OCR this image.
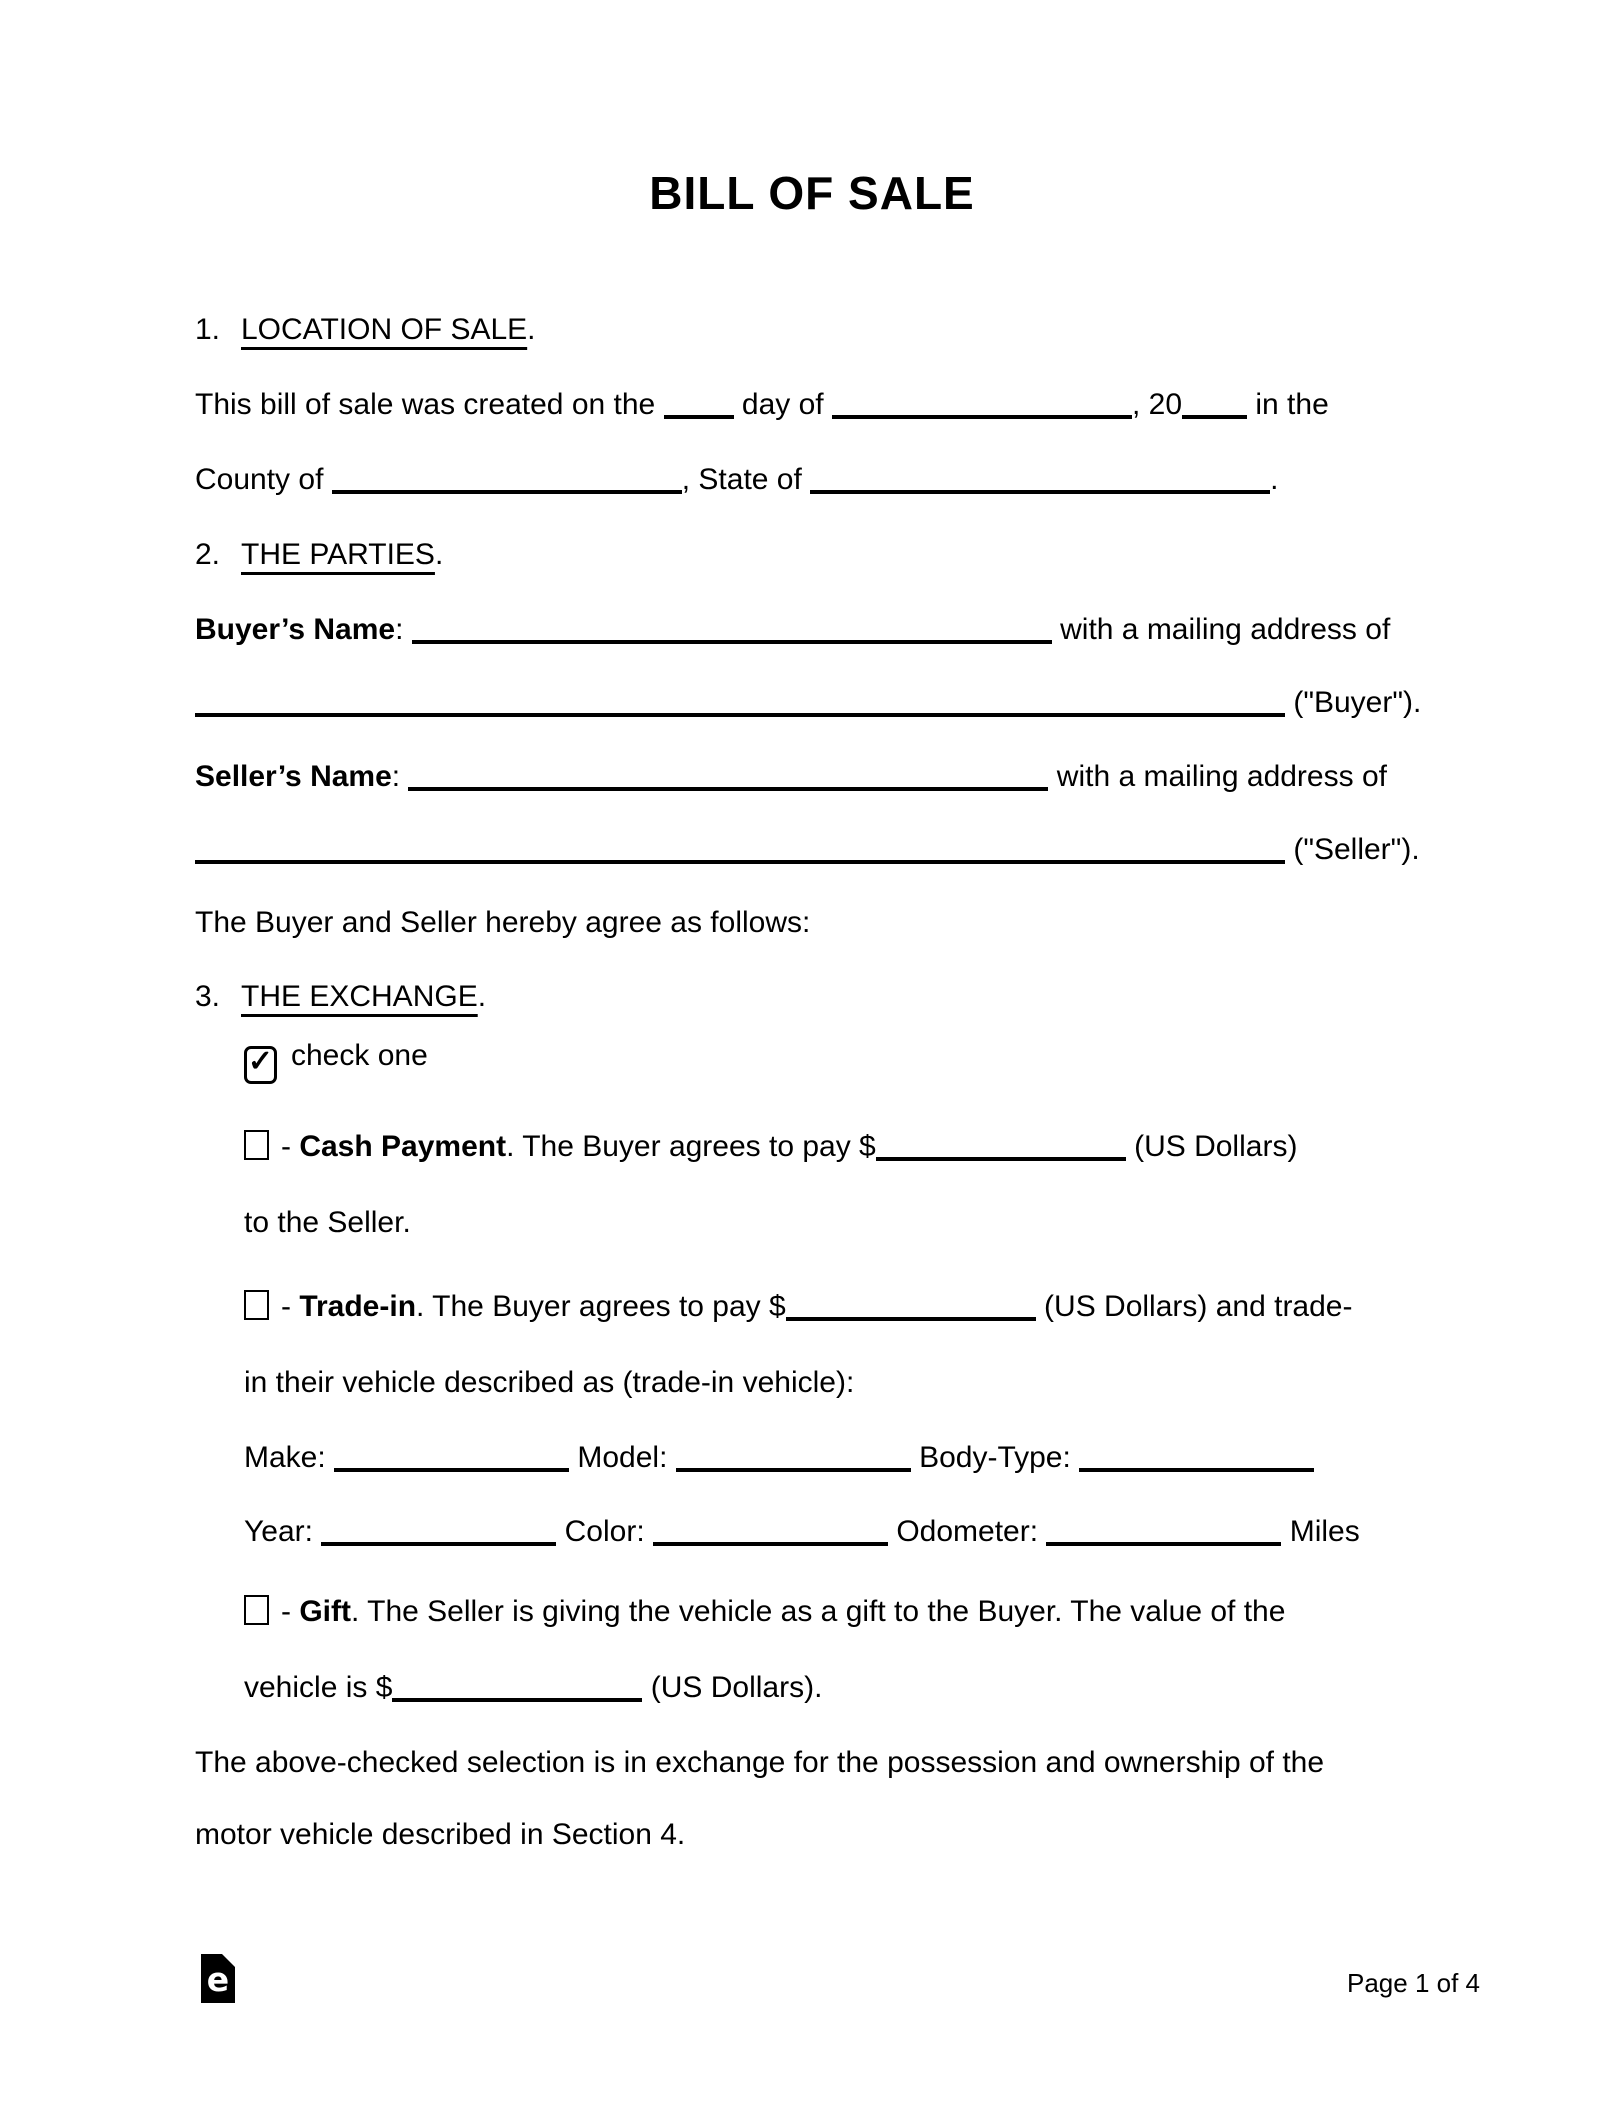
BILL OF SALE
1. LOCATION OF SALE.
This bill of sale was created on the  day of	, 20 in the
County of	, State of	.
2. THE PARTIES.
Buyer’s Name:	with a mailing address of
("Buyer").
Seller’s Name:	with a mailing address of
("Seller").
The Buyer and Seller hereby agree as follows:
3. THE EXCHANGE.
✓ check one
- Cash Payment. The Buyer agrees to pay $	(US Dollars)
to the Seller.
- Trade-in. The Buyer agrees to pay $	(US Dollars) and trade-
in their vehicle described as (trade-in vehicle):
Make:	Model:	Body-Type:
Year:	Color:	Odometer:	Miles
- Gift. The Seller is giving the vehicle as a gift to the Buyer. The value of the
vehicle is $	(US Dollars).
The above-checked selection is in exchange for the possession and ownership of the
motor vehicle described in Section 4.
e	Page 1 of 4
